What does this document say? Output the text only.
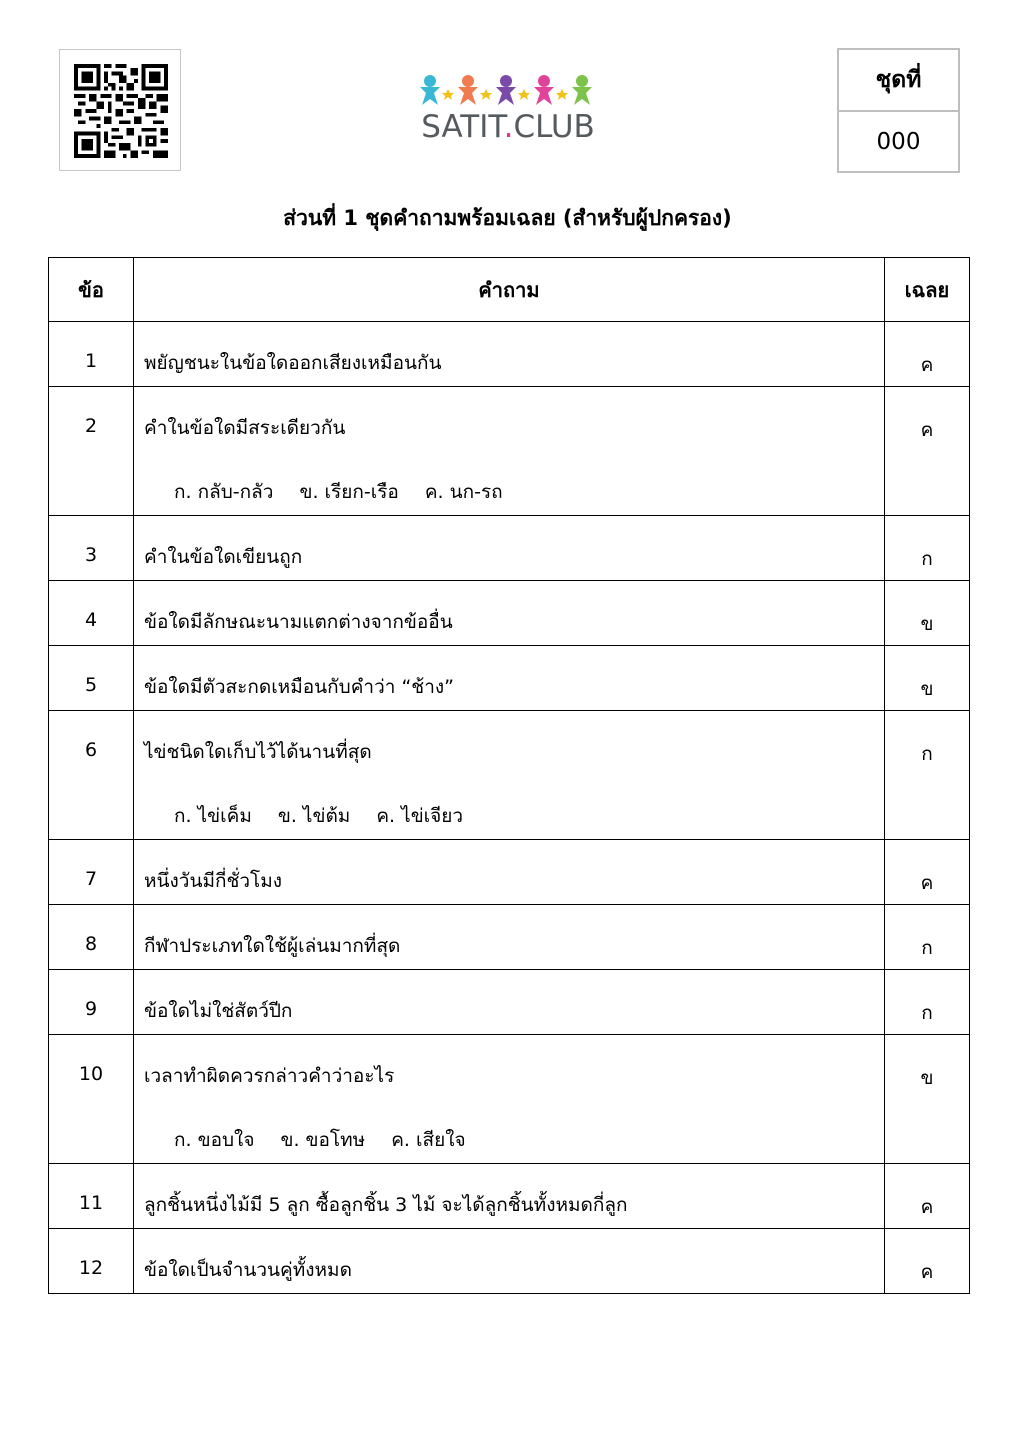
SATIT.CLUB
ชุดที่
000
ส่วนที่ 1 ชุดคำถามพร้อมเฉลย (สำหรับผู้ปกครอง)
ข้อ	คำถาม	เฉลย
1	พยัญชนะในข้อใดออกเสียงเหมือนกัน	ค
2	คำในข้อใดมีสระเดียวกัน
ก. กลับ-กลัว ข. เรียก-เรือ ค. นก-รถ	ค
3	คำในข้อใดเขียนถูก	ก
4	ข้อใดมีลักษณะนามแตกต่างจากข้ออื่น	ข
5	ข้อใดมีตัวสะกดเหมือนกับคำว่า “ช้าง”	ข
6	ไข่ชนิดใดเก็บไว้ได้นานที่สุด
ก. ไข่เค็ม ข. ไข่ต้ม ค. ไข่เจียว	ก
7	หนึ่งวันมีกี่ชั่วโมง	ค
8	กีฬาประเภทใดใช้ผู้เล่นมากที่สุด	ก
9	ข้อใดไม่ใช่สัตว์ปีก	ก
10	เวลาทำผิดควรกล่าวคำว่าอะไร
ก. ขอบใจ ข. ขอโทษ ค. เสียใจ	ข
11	ลูกชิ้นหนึ่งไม้มี 5 ลูก ซื้อลูกชิ้น 3 ไม้ จะได้ลูกชิ้นทั้งหมดกี่ลูก	ค
12	ข้อใดเป็นจำนวนคู่ทั้งหมด	ค
